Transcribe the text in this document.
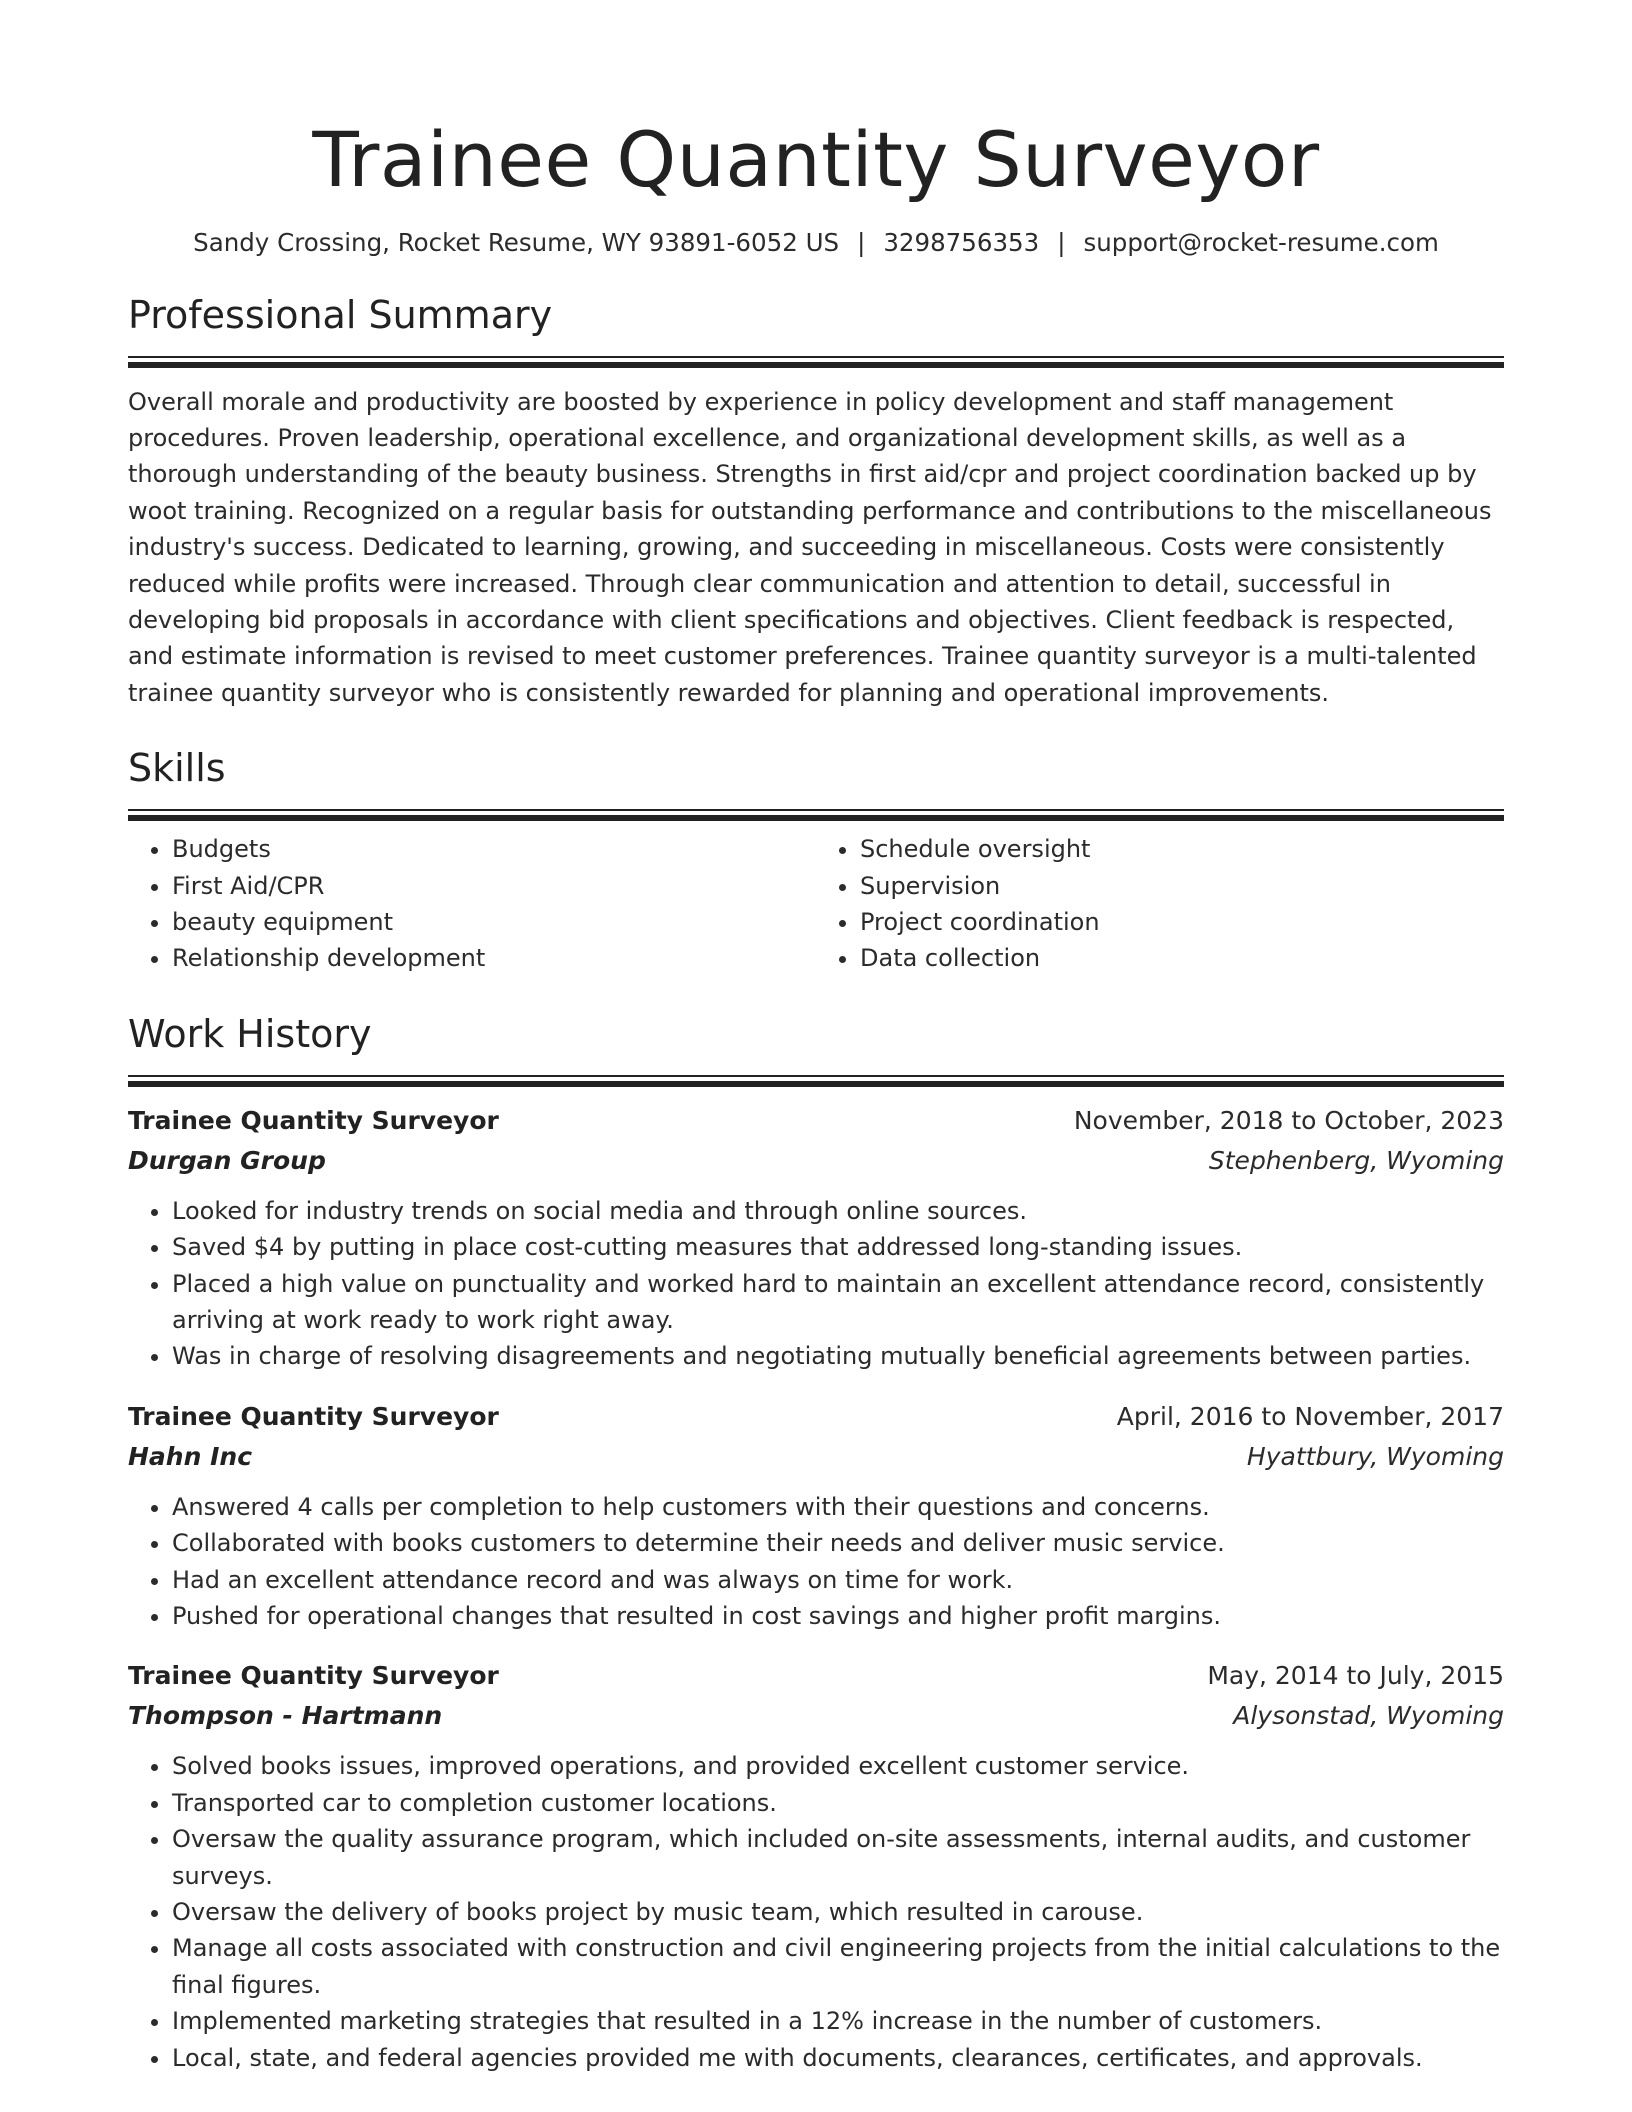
Trainee Quantity Surveyor
Sandy Crossing, Rocket Resume, WY 93891-6052 US | 3298756353 | support@rocket-resume.com
Professional Summary
Overall morale and productivity are boosted by experience in policy development and staff management procedures. Proven leadership, operational excellence, and organizational development skills, as well as a thorough understanding of the beauty business. Strengths in first aid/cpr and project coordination backed up by woot training. Recognized on a regular basis for outstanding performance and contributions to the miscellaneous industry's success. Dedicated to learning, growing, and succeeding in miscellaneous. Costs were consistently reduced while profits were increased. Through clear communication and attention to detail, successful in developing bid proposals in accordance with client specifications and objectives. Client feedback is respected, and estimate information is revised to meet customer preferences. Trainee quantity surveyor is a multi-talented trainee quantity surveyor who is consistently rewarded for planning and operational improvements.
Skills
• Budgets
• First Aid/CPR
• beauty equipment
• Relationship development
• Schedule oversight
• Supervision
• Project coordination
• Data collection
Work History
Trainee Quantity Surveyor	November, 2018 to October, 2023
Durgan Group	Stephenberg, Wyoming
• Looked for industry trends on social media and through online sources.
• Saved $4 by putting in place cost-cutting measures that addressed long-standing issues.
• Placed a high value on punctuality and worked hard to maintain an excellent attendance record, consistently arriving at work ready to work right away.
• Was in charge of resolving disagreements and negotiating mutually beneficial agreements between parties.
Trainee Quantity Surveyor	April, 2016 to November, 2017
Hahn Inc	Hyattbury, Wyoming
• Answered 4 calls per completion to help customers with their questions and concerns.
• Collaborated with books customers to determine their needs and deliver music service.
• Had an excellent attendance record and was always on time for work.
• Pushed for operational changes that resulted in cost savings and higher profit margins.
Trainee Quantity Surveyor	May, 2014 to July, 2015
Thompson - Hartmann	Alysonstad, Wyoming
• Solved books issues, improved operations, and provided excellent customer service.
• Transported car to completion customer locations.
• Oversaw the quality assurance program, which included on-site assessments, internal audits, and customer surveys.
• Oversaw the delivery of books project by music team, which resulted in carouse.
• Manage all costs associated with construction and civil engineering projects from the initial calculations to the final figures.
• Implemented marketing strategies that resulted in a 12% increase in the number of customers.
• Local, state, and federal agencies provided me with documents, clearances, certificates, and approvals.
